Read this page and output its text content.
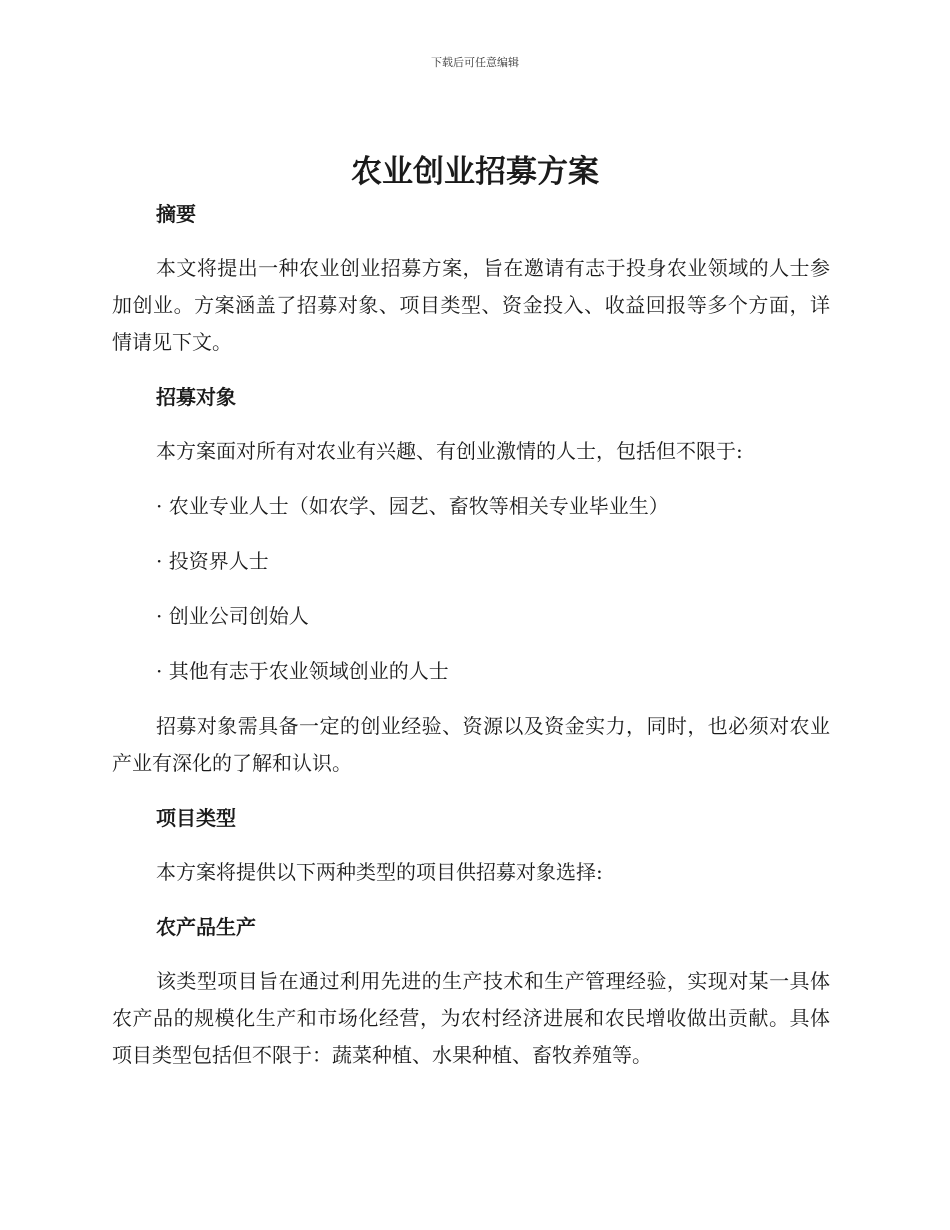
下载后可任意编辑
农业创业招募方案

摘要

本文将提出一种农业创业招募方案，旨在邀请有志于投身农业领域的人士参加创业。方案涵盖了招募对象、项目类型、资金投入、收益回报等多个方面，详情请见下文。

招募对象

本方案面对所有对农业有兴趣、有创业激情的人士，包括但不限于:

· 农业专业人士（如农学、园艺、畜牧等相关专业毕业生）

· 投资界人士

· 创业公司创始人

· 其他有志于农业领域创业的人士

招募对象需具备一定的创业经验、资源以及资金实力，同时，也必须对农业产业有深化的了解和认识。

项目类型

本方案将提供以下两种类型的项目供招募对象选择:

农产品生产

该类型项目旨在通过利用先进的生产技术和生产管理经验，实现对某一具体农产品的规模化生产和市场化经营，为农村经济进展和农民增收做出贡献。具体项目类型包括但不限于：蔬菜种植、水果种植、畜牧养殖等。
